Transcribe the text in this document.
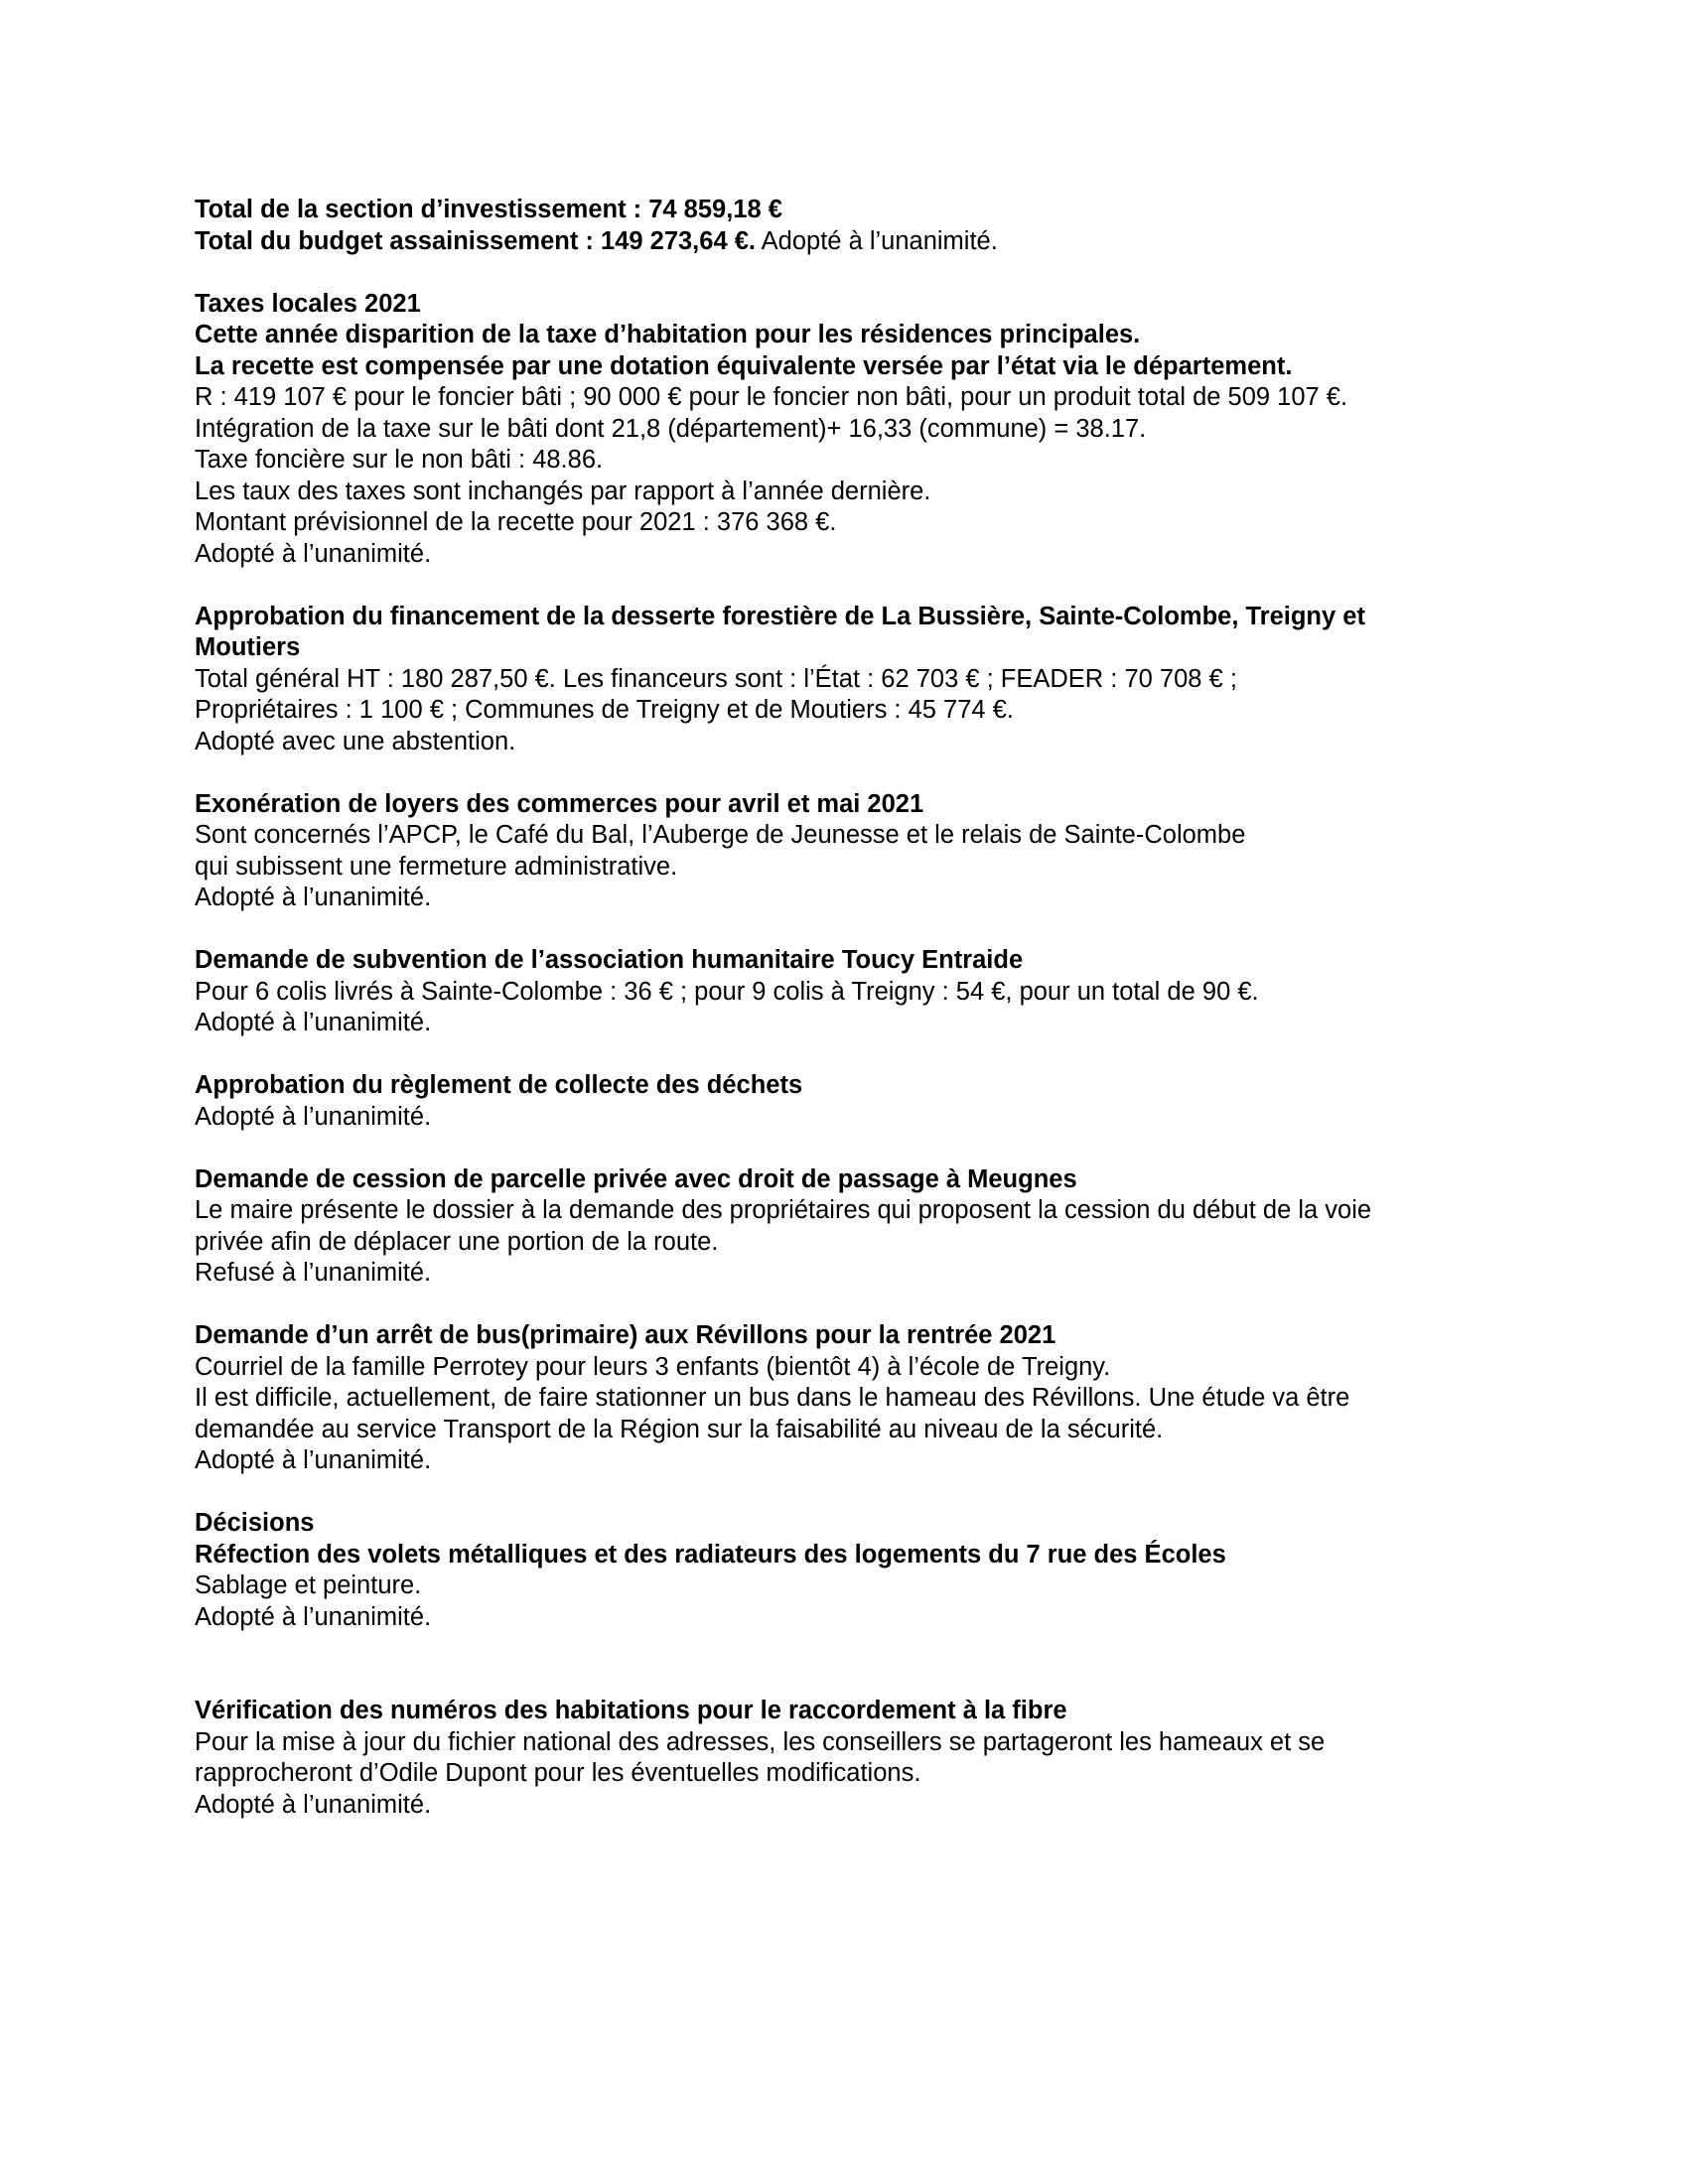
Total de la section d’investissement : 74 859,18 €
Total du budget assainissement : 149 273,64 €. Adopté à l’unanimité.
Taxes locales 2021
Cette année disparition de la taxe d’habitation pour les résidences principales.
La recette est compensée par une dotation équivalente versée par l’état via le département.
R : 419 107 € pour le foncier bâti ; 90 000 € pour le foncier non bâti, pour un produit total de 509 107 €.
Intégration de la taxe sur le bâti dont 21,8 (département)+ 16,33 (commune) = 38.17.
Taxe foncière sur le non bâti : 48.86.
Les taux des taxes sont inchangés par rapport à l’année dernière.
Montant prévisionnel de la recette pour 2021 : 376 368 €.
Adopté à l’unanimité.
Approbation du financement de la desserte forestière de La Bussière, Sainte-Colombe, Treigny et
Moutiers
Total général HT : 180 287,50 €. Les financeurs sont : l’État : 62 703 € ; FEADER : 70 708 € ;
Propriétaires : 1 100 € ; Communes de Treigny et de Moutiers : 45 774 €.
Adopté avec une abstention.
Exonération de loyers des commerces pour avril et mai 2021
Sont concernés l’APCP, le Café du Bal, l’Auberge de Jeunesse et le relais de Sainte-Colombe
qui subissent une fermeture administrative.
Adopté à l’unanimité.
Demande de subvention de l’association humanitaire Toucy Entraide
Pour 6 colis livrés à Sainte-Colombe : 36 € ; pour 9 colis à Treigny : 54 €, pour un total de 90 €.
Adopté à l’unanimité.
Approbation du règlement de collecte des déchets
Adopté à l’unanimité.
Demande de cession de parcelle privée avec droit de passage à Meugnes
Le maire présente le dossier à la demande des propriétaires qui proposent la cession du début de la voie
privée afin de déplacer une portion de la route.
Refusé à l’unanimité.
Demande d’un arrêt de bus(primaire) aux Révillons pour la rentrée 2021
Courriel de la famille Perrotey pour leurs 3 enfants (bientôt 4) à l’école de Treigny.
Il est difficile, actuellement, de faire stationner un bus dans le hameau des Révillons. Une étude va être
demandée au service Transport de la Région sur la faisabilité au niveau de la sécurité.
Adopté à l’unanimité.
Décisions
Réfection des volets métalliques et des radiateurs des logements du 7 rue des Écoles
Sablage et peinture.
Adopté à l’unanimité.
Vérification des numéros des habitations pour le raccordement à la fibre
Pour la mise à jour du fichier national des adresses, les conseillers se partageront les hameaux et se
rapprocheront d’Odile Dupont pour les éventuelles modifications.
Adopté à l’unanimité.
